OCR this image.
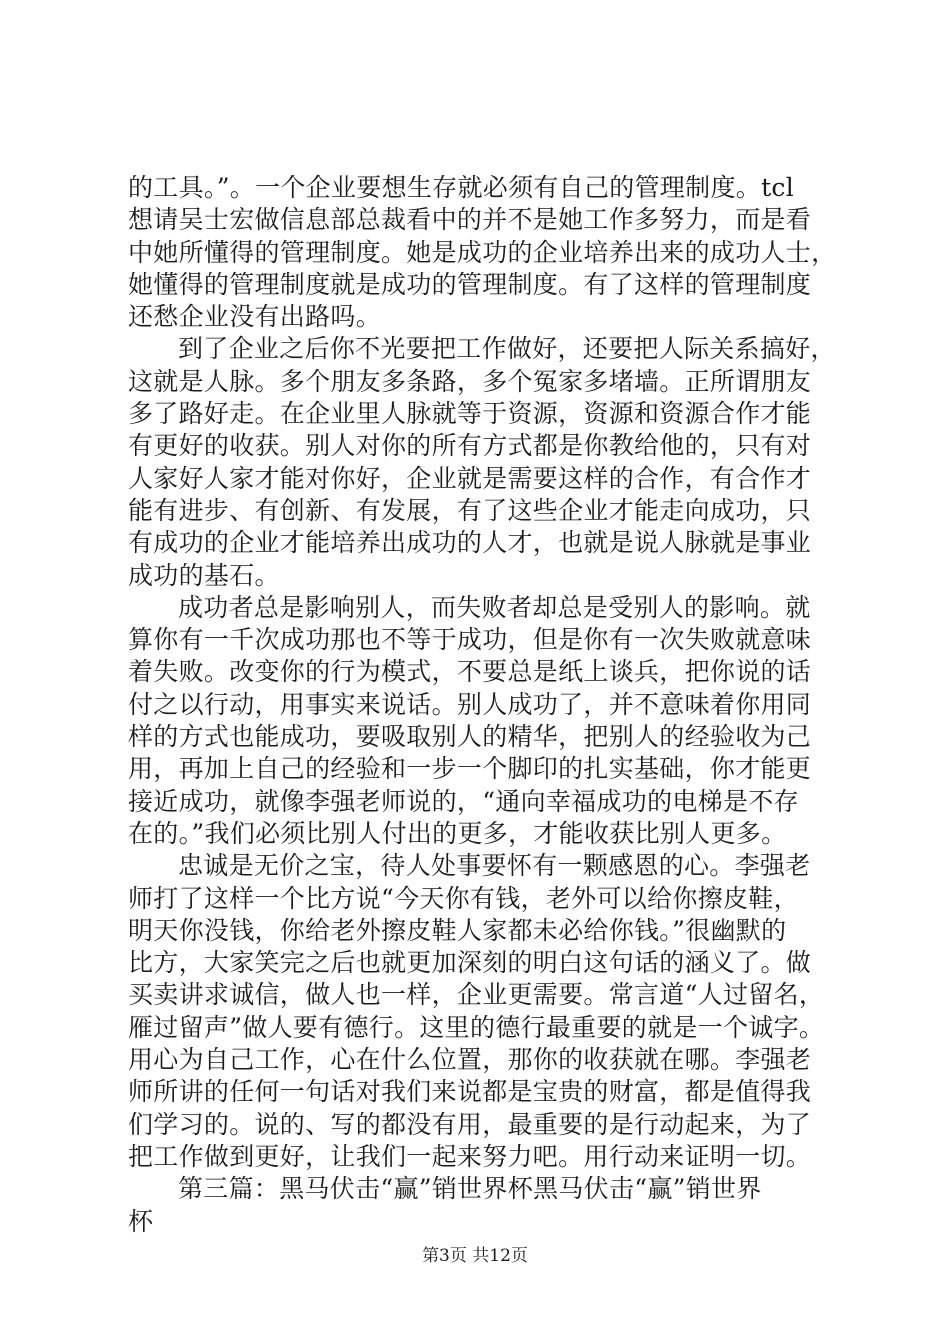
的工具。”。一个企业要想生存就必须有自己的管理制度。tcl
想请吴士宏做信息部总裁看中的并不是她工作多努力，而是看
中她所懂得的管理制度。她是成功的企业培养出来的成功人士，
她懂得的管理制度就是成功的管理制度。有了这样的管理制度
还愁企业没有出路吗。
到了企业之后你不光要把工作做好，还要把人际关系搞好，
这就是人脉。多个朋友多条路，多个冤家多堵墙。正所谓朋友
多了路好走。在企业里人脉就等于资源，资源和资源合作才能
有更好的收获。别人对你的所有方式都是你教给他的，只有对
人家好人家才能对你好，企业就是需要这样的合作，有合作才
能有进步、有创新、有发展，有了这些企业才能走向成功，只
有成功的企业才能培养出成功的人才，也就是说人脉就是事业
成功的基石。
成功者总是影响别人，而失败者却总是受别人的影响。就
算你有一千次成功那也不等于成功，但是你有一次失败就意味
着失败。改变你的行为模式，不要总是纸上谈兵，把你说的话
付之以行动，用事实来说话。别人成功了，并不意味着你用同
样的方式也能成功，要吸取别人的精华，把别人的经验收为己
用，再加上自己的经验和一步一个脚印的扎实基础，你才能更
接近成功，就像李强老师说的，“通向幸福成功的电梯是不存
在的。”我们必须比别人付出的更多，才能收获比别人更多。
忠诚是无价之宝，待人处事要怀有一颗感恩的心。李强老
师打了这样一个比方说“今天你有钱，老外可以给你擦皮鞋，
明天你没钱，你给老外擦皮鞋人家都未必给你钱。”很幽默的
比方，大家笑完之后也就更加深刻的明白这句话的涵义了。做
买卖讲求诚信，做人也一样，企业更需要。常言道“人过留名，
雁过留声”做人要有德行。这里的德行最重要的就是一个诚字。
用心为自己工作，心在什么位置，那你的收获就在哪。李强老
师所讲的任何一句话对我们来说都是宝贵的财富，都是值得我
们学习的。说的、写的都没有用，最重要的是行动起来，为了
把工作做到更好，让我们一起来努力吧。用行动来证明一切。
第三篇：黑马伏击“赢”销世界杯黑马伏击“赢”销世界
杯
第3页 共12页
